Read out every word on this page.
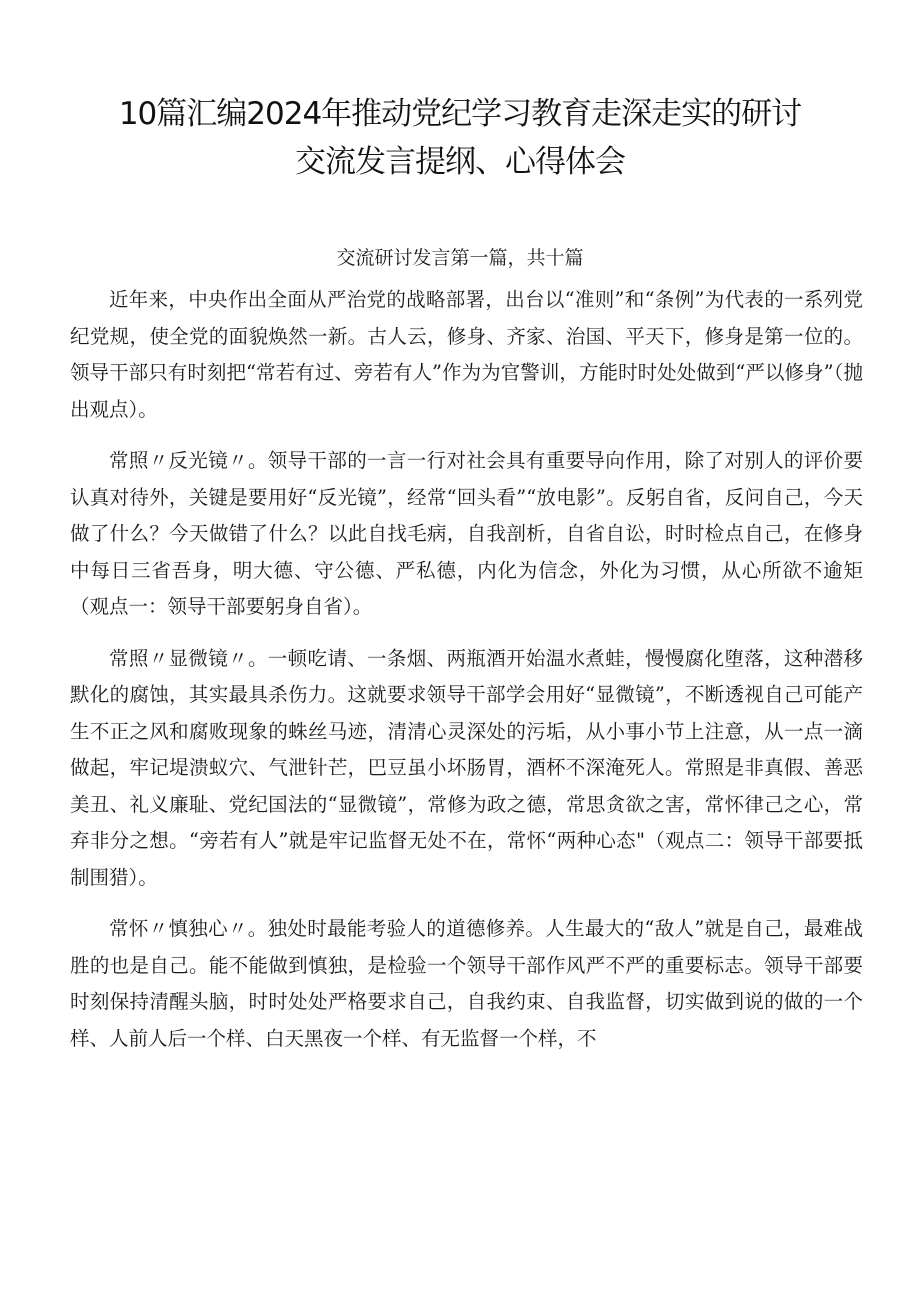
10篇汇编2024年推动党纪学习教育走深走实的研讨
交流发言提纲、心得体会

交流研讨发言第一篇，共十篇

近年来，中央作出全面从严治党的战略部署，出台以“准则”和“条例”为代表的一系列党纪党规，使全党的面貌焕然一新。古人云，修身、齐家、治国、平天下，修身是第一位的。领导干部只有时刻把“常若有过、旁若有人”作为为官警训，方能时时处处做到“严以修身”（抛出观点）。

常照〃反光镜〃。领导干部的一言一行对社会具有重要导向作用，除了对别人的评价要认真对待外，关键是要用好“反光镜”，经常“回头看”“放电影”。反躬自省，反问自己，今天做了什么？今天做错了什么？以此自找毛病，自我剖析，自省自讼，时时检点自己，在修身中每日三省吾身，明大德、守公德、严私德，内化为信念，外化为习惯，从心所欲不逾矩（观点一：领导干部要躬身自省）。

常照〃显微镜〃。一顿吃请、一条烟、两瓶酒开始温水煮蛙，慢慢腐化堕落，这种潜移默化的腐蚀，其实最具杀伤力。这就要求领导干部学会用好“显微镜”，不断透视自己可能产生不正之风和腐败现象的蛛丝马迹，清清心灵深处的污垢，从小事小节上注意，从一点一滴做起，牢记堤溃蚁穴、气泄针芒，巴豆虽小坏肠胃，酒杯不深淹死人。常照是非真假、善恶美丑、礼义廉耻、党纪国法的“显微镜”，常修为政之德，常思贪欲之害，常怀律己之心，常弃非分之想。“旁若有人”就是牢记监督无处不在，常怀“两种心态"（观点二：领导干部要抵制围猎）。

常怀〃慎独心〃。独处时最能考验人的道德修养。人生最大的“敌人”就是自己，最难战胜的也是自己。能不能做到慎独，是检验一个领导干部作风严不严的重要标志。领导干部要时刻保持清醒头脑，时时处处严格要求自己，自我约束、自我监督，切实做到说的做的一个样、人前人后一个样、白天黑夜一个样、有无监督一个样，不
